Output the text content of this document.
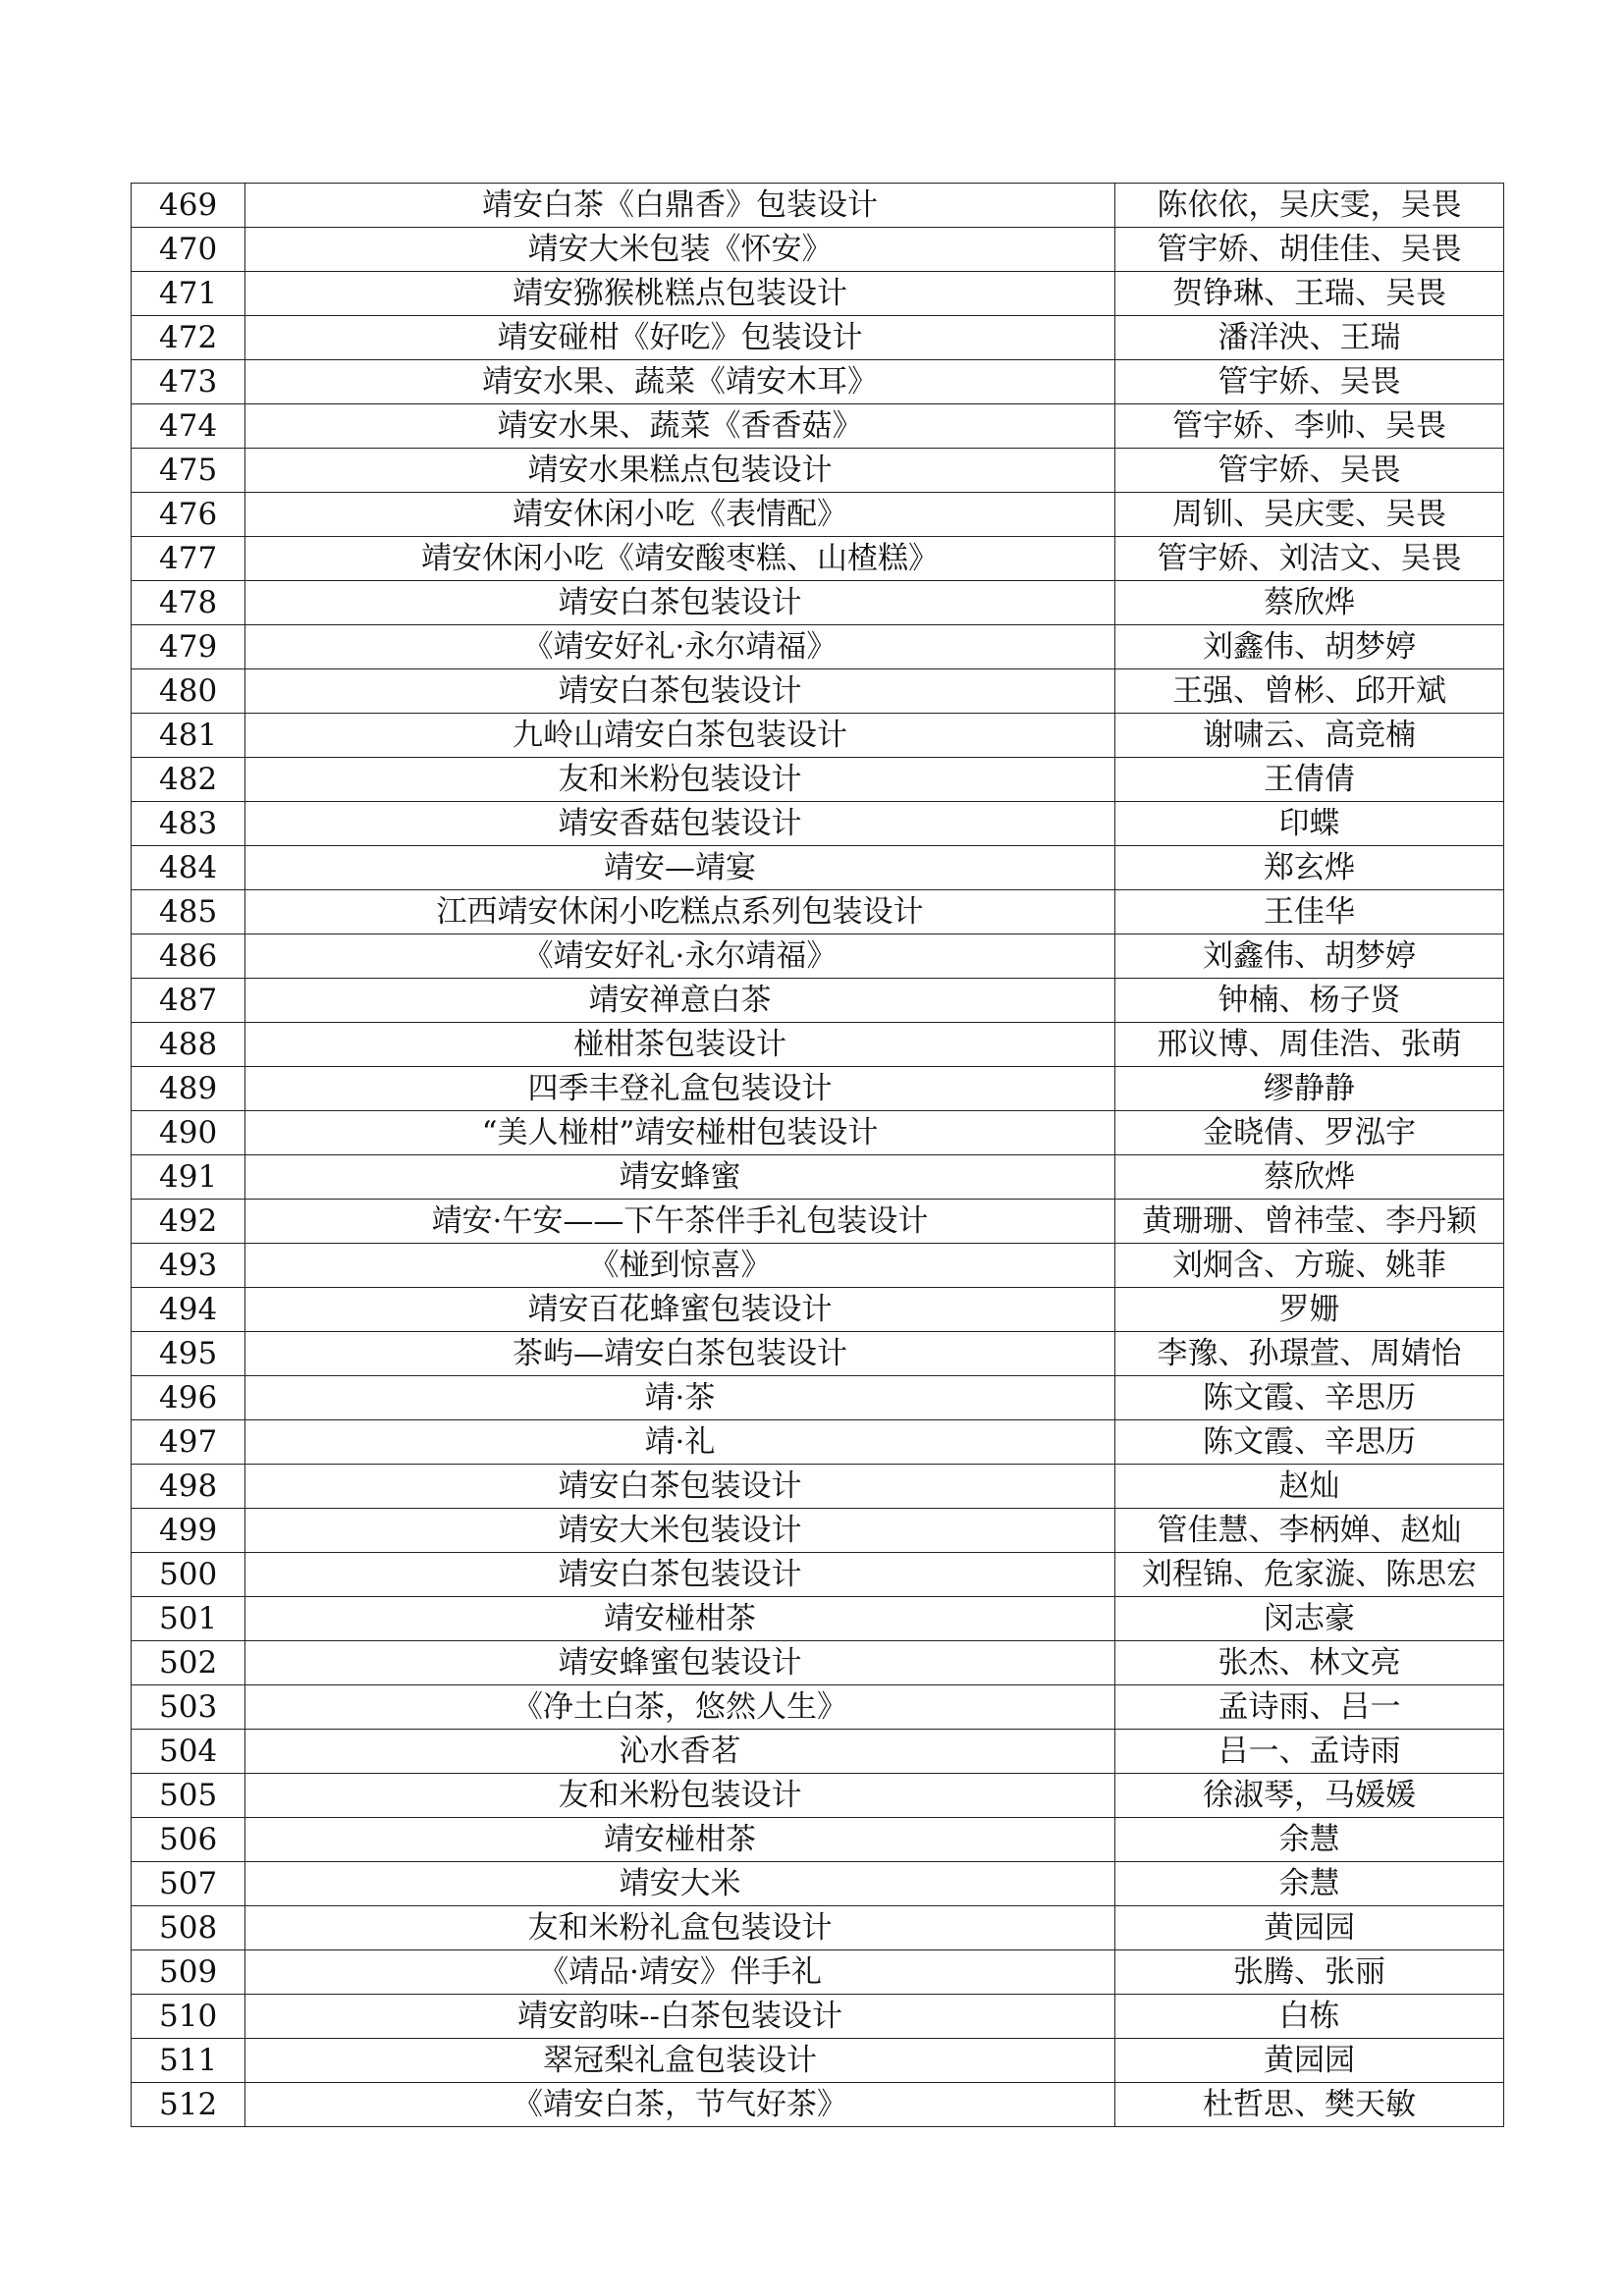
469	靖安白茶《白鼎香》包装设计	陈依依，吴庆雯，吴畏
470	靖安大米包装《怀安》	管宇娇、胡佳佳、吴畏
471	靖安猕猴桃糕点包装设计	贺铮琳、王瑞、吴畏
472	靖安碰柑《好吃》包装设计	潘洋泱、王瑞
473	靖安水果、蔬菜《靖安木耳》	管宇娇、吴畏
474	靖安水果、蔬菜《香香菇》	管宇娇、李帅、吴畏
475	靖安水果糕点包装设计	管宇娇、吴畏
476	靖安休闲小吃《表情配》	周钏、吴庆雯、吴畏
477	靖安休闲小吃《靖安酸枣糕、山楂糕》	管宇娇、刘洁文、吴畏
478	靖安白茶包装设计	蔡欣烨
479	《靖安好礼·永尔靖福》	刘鑫伟、胡梦婷
480	靖安白茶包装设计	王强、曾彬、邱开斌
481	九岭山靖安白茶包装设计	谢啸云、高竞楠
482	友和米粉包装设计	王倩倩
483	靖安香菇包装设计	印蝶
484	靖安—靖宴	郑玄烨
485	江西靖安休闲小吃糕点系列包装设计	王佳华
486	《靖安好礼·永尔靖福》	刘鑫伟、胡梦婷
487	靖安禅意白茶	钟楠、杨子贤
488	椪柑茶包装设计	邢议博、周佳浩、张萌
489	四季丰登礼盒包装设计	缪静静
490	“美人椪柑”靖安椪柑包装设计	金晓倩、罗泓宇
491	靖安蜂蜜	蔡欣烨
492	靖安·午安——下午茶伴手礼包装设计	黄珊珊、曾祎莹、李丹颖
493	《椪到惊喜》	刘炯含、方璇、姚菲
494	靖安百花蜂蜜包装设计	罗姗
495	茶屿—靖安白茶包装设计	李豫、孙璟萱、周婧怡
496	靖·茶	陈文霞、辛思历
497	靖·礼	陈文霞、辛思历
498	靖安白茶包装设计	赵灿
499	靖安大米包装设计	管佳慧、李柄婵、赵灿
500	靖安白茶包装设计	刘程锦、危家漩、陈思宏
501	靖安椪柑茶	闵志豪
502	靖安蜂蜜包装设计	张杰、林文亮
503	《净土白茶，悠然人生》	孟诗雨、吕一
504	沁水香茗	吕一、孟诗雨
505	友和米粉包装设计	徐淑琴，马媛媛
506	靖安椪柑茶	余慧
507	靖安大米	余慧
508	友和米粉礼盒包装设计	黄园园
509	《靖品·靖安》伴手礼	张腾、张丽
510	靖安韵味--白茶包装设计	白栋
511	翠冠梨礼盒包装设计	黄园园
512	《靖安白茶，节气好茶》	杜哲思、樊天敏
